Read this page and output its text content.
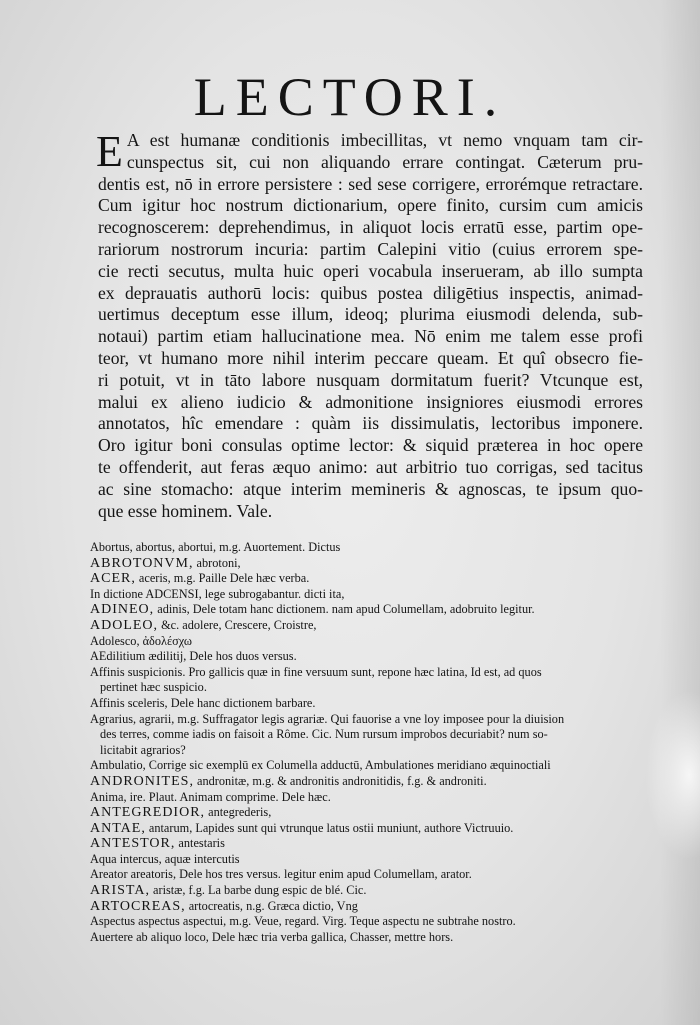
LECTORI.
E A est humanæ conditionis imbecillitas, vt nemo vnquam tam cir-
cunspectus sit, cui non aliquando errare contingat. Cæterum pru-
dentis est, nō in errore persistere : sed sese corrigere, errorémque retractare.
Cum igitur hoc nostrum dictionarium, opere finito, cursim cum amicis
recognoscerem: deprehendimus, in aliquot locis erratū esse, partim ope-
rariorum nostrorum incuria: partim Calepini vitio (cuius errorem spe-
cie recti secutus, multa huic operi vocabula inserueram, ab illo sumpta
ex deprauatis authorū locis: quibus postea diligētius inspectis, animad-
uertimus deceptum esse illum, ideoq; plurima eiusmodi delenda, sub-
notaui) partim etiam hallucinatione mea. Nō enim me talem esse profi
teor, vt humano more nihil interim peccare queam. Et quî obsecro fie-
ri potuit, vt in tāto labore nusquam dormitatum fuerit? Vtcunque est,
malui ex alieno iudicio & admonitione insigniores eiusmodi errores
annotatos, hîc emendare : quàm iis dissimulatis, lectoribus imponere.
Oro igitur boni consulas optime lector: & siquid præterea in hoc opere
te offenderit, aut feras æquo animo: aut arbitrio tuo corrigas, sed tacitus
ac sine stomacho: atque interim memineris & agnoscas, te ipsum quo-
que esse hominem. Vale.
Abortus, abortus, abortui, m.g. Auortement. Dictus
ABROTONVM, abrotoni,
ACER, aceris, m.g. Paille Dele hæc verba.
In dictione ADCENSI, lege subrogabantur. dicti ita,
ADINEO, adinis, Dele totam hanc dictionem. nam apud Columellam, adobruito legitur.
ADOLEO, &c. adolere, Crescere, Croistre,
Adolesco, ἀδολέσχω
AEdilitium ædilitij, Dele hos duos versus.
Affinis suspicionis. Pro gallicis quæ in fine versuum sunt, repone hæc latina, Id est, ad quos
pertinet hæc suspicio.
Affinis sceleris, Dele hanc dictionem barbare.
Agrarius, agrarii, m.g. Suffragator legis agrariæ. Qui fauorise a vne loy imposee pour la diuision
des terres, comme iadis on faisoit a Rôme. Cic. Num rursum improbos decuriabit? num so-
licitabit agrarios?
Ambulatio, Corrige sic exemplū ex Columella adductū, Ambulationes meridiano æquinoctiali
ANDRONITES, andronitæ, m.g. & andronitis andronitidis, f.g. & androniti.
Anima, ire. Plaut. Animam comprime. Dele hæc.
ANTEGREDIOR, antegrederis,
ANTAE, antarum, Lapides sunt qui vtrunque latus ostii muniunt, authore Victruuio.
ANTESTOR, antestaris
Aqua intercus, aquæ intercutis
Areator areatoris, Dele hos tres versus. legitur enim apud Columellam, arator.
ARISTA, aristæ, f.g. La barbe dung espic de blé. Cic.
ARTOCREAS, artocreatis, n.g. Græca dictio, Vng
Aspectus aspectus aspectui, m.g. Veue, regard. Virg. Teque aspectu ne subtrahe nostro.
Auertere ab aliquo loco, Dele hæc tria verba gallica, Chasser, mettre hors.
